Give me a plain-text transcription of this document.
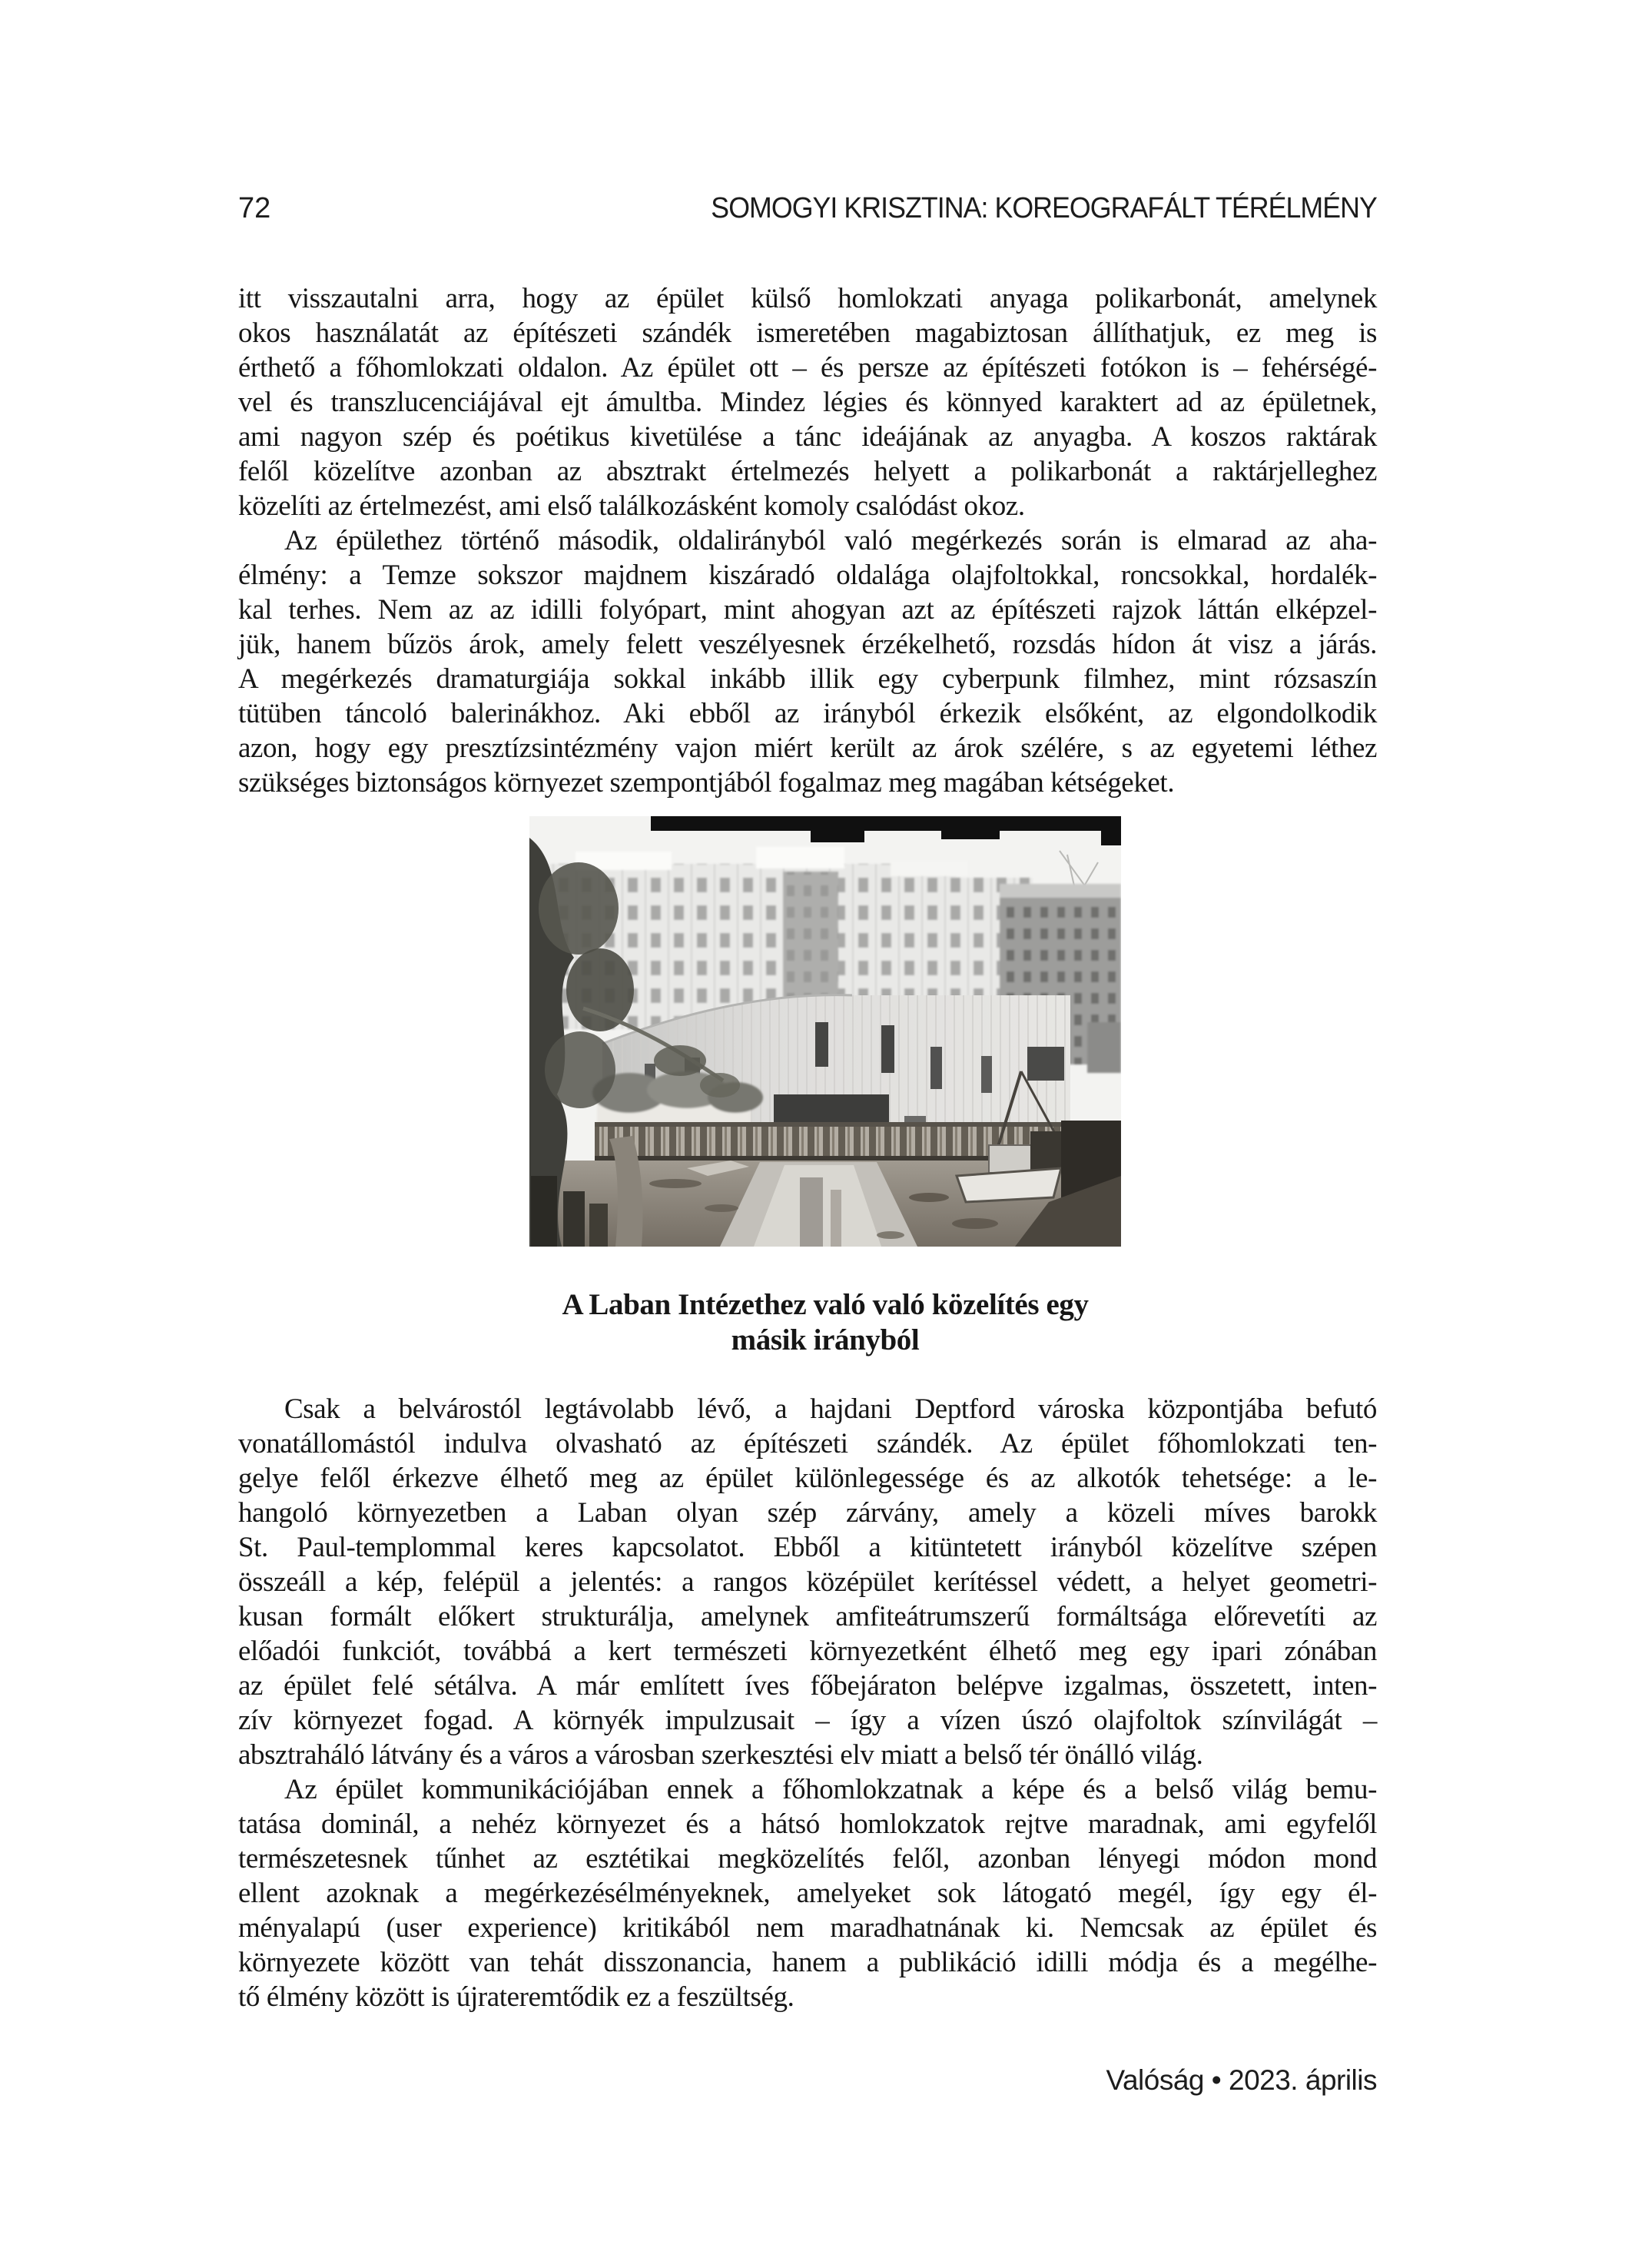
72	SOMOGYI KRISZTINA: KOREOGRAFÁLT TÉRÉLMÉNY
itt visszautalni arra, hogy az épület külső homlokzati anyaga polikarbonát, amelynek
okos használatát az építészeti szándék ismeretében magabiztosan állíthatjuk, ez meg is
érthető a főhomlokzati oldalon. Az épület ott – és persze az építészeti fotókon is – fehérségé-
vel és transzlucenciájával ejt ámultba. Mindez légies és könnyed karaktert ad az épületnek,
ami nagyon szép és poétikus kivetülése a tánc ideájának az anyagba. A koszos raktárak
felől közelítve azonban az absztrakt értelmezés helyett a polikarbonát a raktárjelleghez
közelíti az értelmezést, ami első találkozásként komoly csalódást okoz.
Az épülethez történő második, oldalirányból való megérkezés során is elmarad az aha-
élmény: a Temze sokszor majdnem kiszáradó oldalága olajfoltokkal, roncsokkal, hordalék-
kal terhes. Nem az az idilli folyópart, mint ahogyan azt az építészeti rajzok láttán elképzel-
jük, hanem bűzös árok, amely felett veszélyesnek érzékelhető, rozsdás hídon át visz a járás.
A megérkezés dramaturgiája sokkal inkább illik egy cyberpunk filmhez, mint rózsaszín
tütüben táncoló balerinákhoz. Aki ebből az irányból érkezik elsőként, az elgondolkodik
azon, hogy egy presztízsintézmény vajon miért került az árok szélére, s az egyetemi léthez
szükséges biztonságos környezet szempontjából fogalmaz meg magában kétségeket.
A Laban Intézethez való való közelítés egy másik irányból
Csak a belvárostól legtávolabb lévő, a hajdani Deptford városka központjába befutó
vonatállomástól indulva olvasható az építészeti szándék. Az épület főhomlokzati ten-
gelye felől érkezve élhető meg az épület különlegessége és az alkotók tehetsége: a le-
hangoló környezetben a Laban olyan szép zárvány, amely a közeli míves barokk
St. Paul-templommal keres kapcsolatot. Ebből a kitüntetett irányból közelítve szépen
összeáll a kép, felépül a jelentés: a rangos középület kerítéssel védett, a helyet geometri-
kusan formált előkert strukturálja, amelynek amfiteátrumszerű formáltsága előrevetíti az
előadói funkciót, továbbá a kert természeti környezetként élhető meg egy ipari zónában
az épület felé sétálva. A már említett íves főbejáraton belépve izgalmas, összetett, inten-
zív környezet fogad. A környék impulzusait – így a vízen úszó olajfoltok színvilágát –
absztraháló látvány és a város a városban szerkesztési elv miatt a belső tér önálló világ.
Az épület kommunikációjában ennek a főhomlokzatnak a képe és a belső világ bemu-
tatása dominál, a nehéz környezet és a hátsó homlokzatok rejtve maradnak, ami egyfelől
természetesnek tűnhet az esztétikai megközelítés felől, azonban lényegi módon mond
ellent azoknak a megérkezésélményeknek, amelyeket sok látogató megél, így egy él-
ményalapú (user experience) kritikából nem maradhatnának ki. Nemcsak az épület és
környezete között van tehát disszonancia, hanem a publikáció idilli módja és a megélhe-
tő élmény között is újrateremtődik ez a feszültség.
Valóság • 2023. április
